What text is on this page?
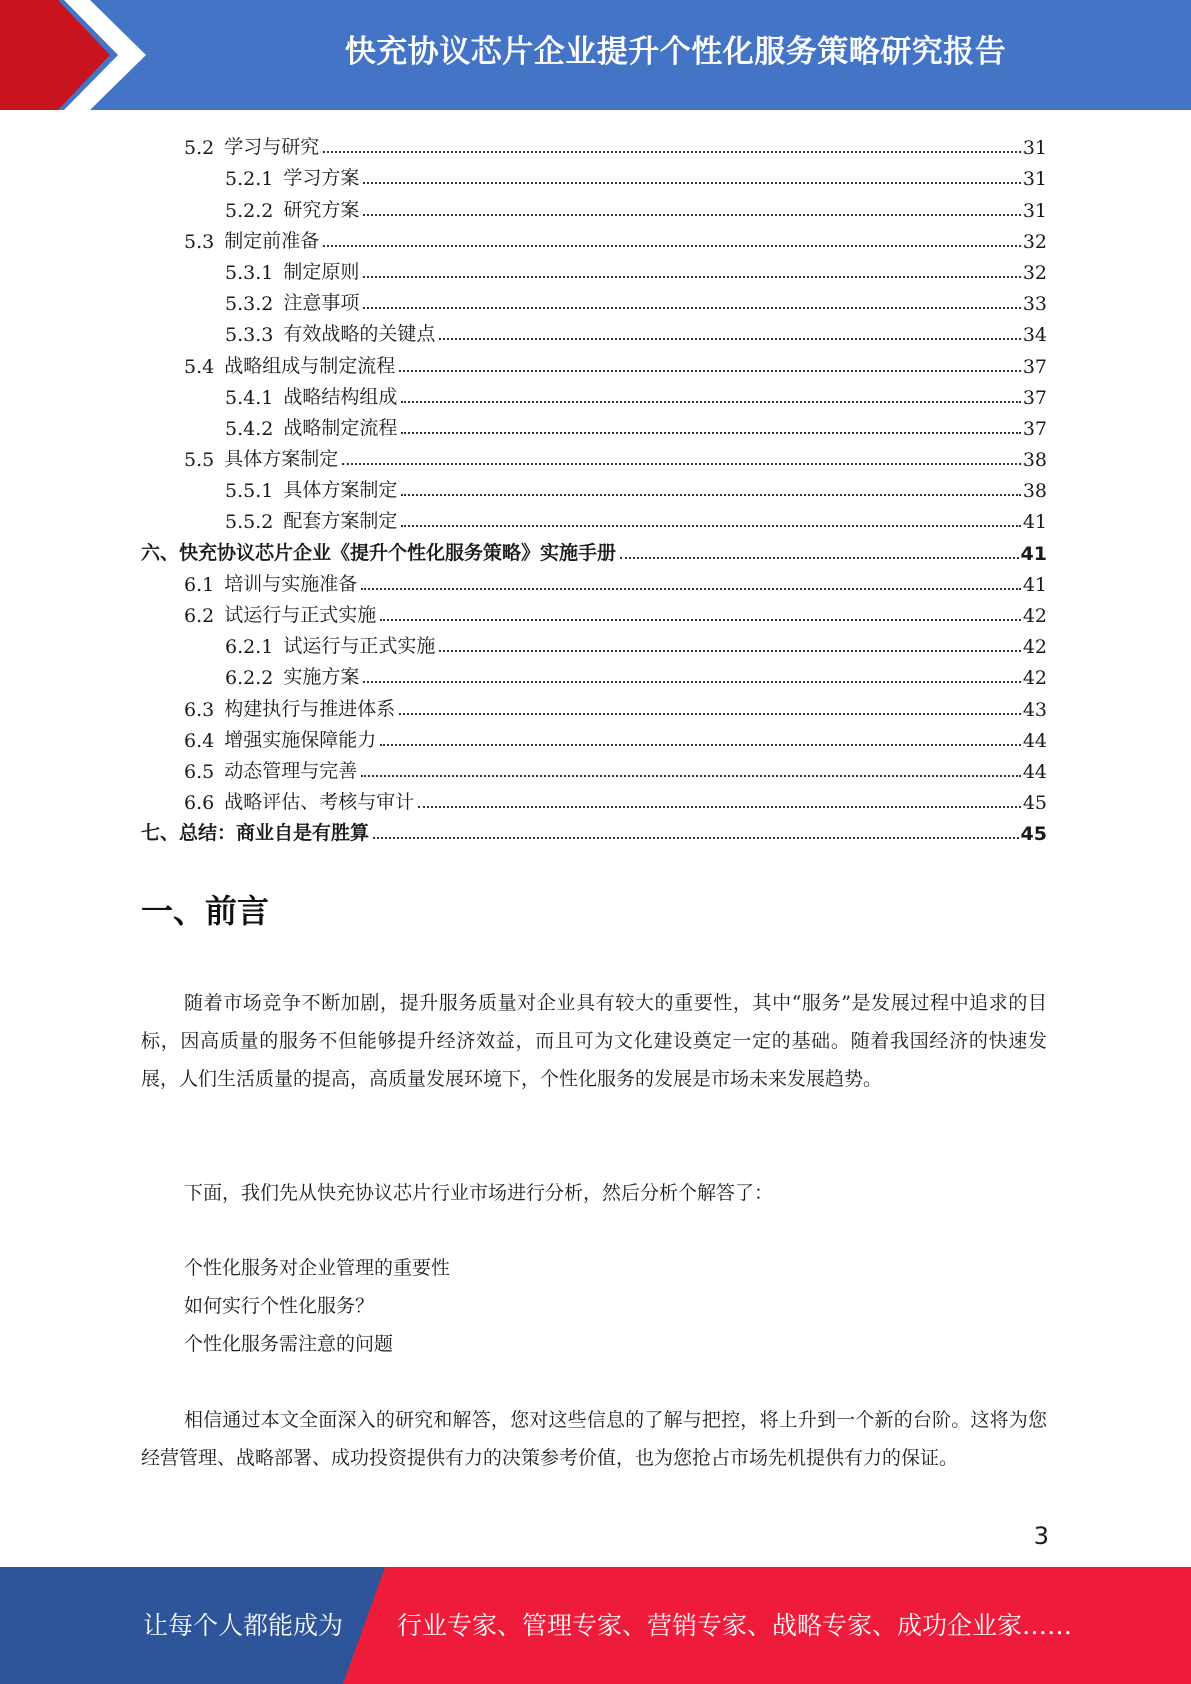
快充协议芯片企业提升个性化服务策略研究报告
5.2 学习与研究	31
5.2.1 学习方案	31
5.2.2 研究方案	31
5.3 制定前准备	32
5.3.1 制定原则	32
5.3.2 注意事项	33
5.3.3 有效战略的关键点	34
5.4 战略组成与制定流程	37
5.4.1 战略结构组成	37
5.4.2 战略制定流程	37
5.5 具体方案制定	38
5.5.1 具体方案制定	38
5.5.2 配套方案制定	41
六、快充协议芯片企业《提升个性化服务策略》实施手册	41
6.1 培训与实施准备	41
6.2 试运行与正式实施	42
6.2.1 试运行与正式实施	42
6.2.2 实施方案	42
6.3 构建执行与推进体系	43
6.4 增强实施保障能力	44
6.5 动态管理与完善	44
6.6 战略评估、考核与审计	45
七、总结：商业自是有胜算	45
一、前言
随着市场竞争不断加剧，提升服务质量对企业具有较大的重要性，其中“服务”是发展过程中追求的目标，因高质量的服务不但能够提升经济效益，而且可为文化建设奠定一定的基础。随着我国经济的快速发展，人们生活质量的提高，高质量发展环境下，个性化服务的发展是市场未来发展趋势。
下面，我们先从快充协议芯片行业市场进行分析，然后分析个解答了：
个性化服务对企业管理的重要性
如何实行个性化服务？
个性化服务需注意的问题
相信通过本文全面深入的研究和解答，您对这些信息的了解与把控，将上升到一个新的台阶。这将为您经营管理、战略部署、成功投资提供有力的决策参考价值，也为您抢占市场先机提供有力的保证。
3
让每个人都能成为 行业专家、管理专家、营销专家、战略专家、成功企业家……
